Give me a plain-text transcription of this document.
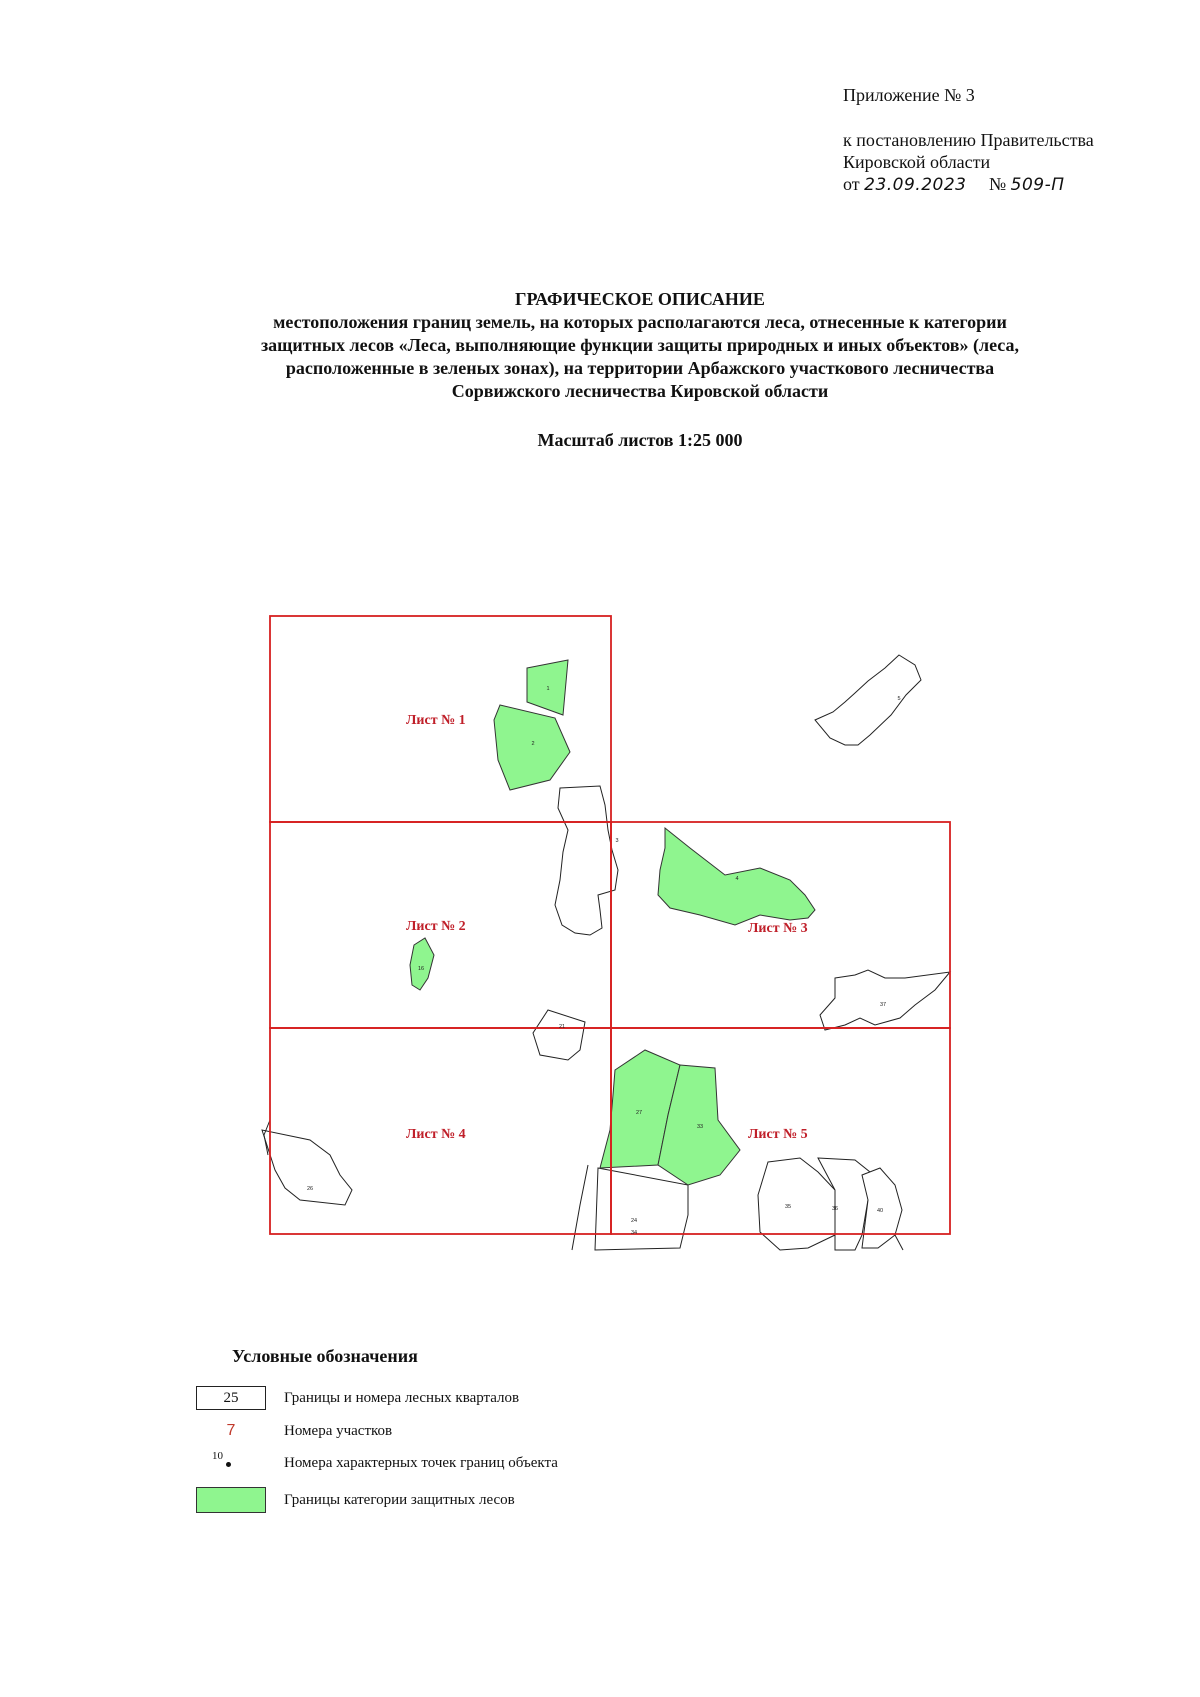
Приложение № 3
к постановлению Правительства
Кировской области
от 23.09.2023 № 509-П
ГРАФИЧЕСКОЕ ОПИСАНИЕ
местоположения границ земель, на которых располагаются леса, отнесенные к категории
защитных лесов «Леса, выполняющие функции защиты природных и иных объектов» (леса,
расположенные в зеленых зонах), на территории Арбажского участкового лесничества
Сорвижского лесничества Кировской области
Масштаб листов 1:25 000
Лист № 1
Лист № 2	Лист № 3
Лист № 4	Лист № 5
1
2
3
4
5
16
21
24
26
27
33
34
35	36
37
40
Условные обозначения
25	Границы и номера лесных кварталов
7	Номера участков
10	Номера характерных точек границ объекта
Границы категории защитных лесов
